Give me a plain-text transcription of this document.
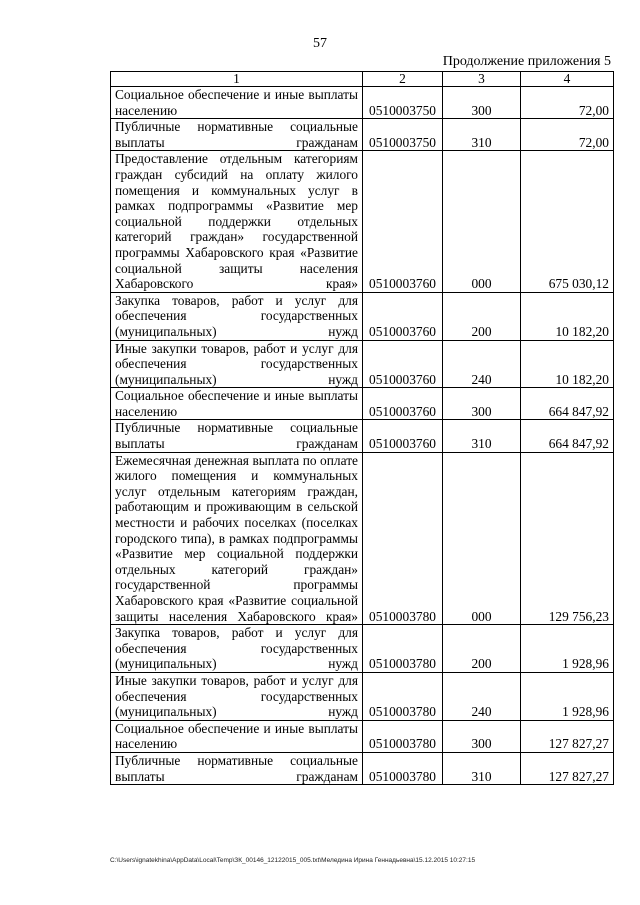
57
Продолжение приложения 5
1	2	3	4
Социальное обеспечение и иные выплаты населению	0510003750	300	72,00
Публичные нормативные социальные выплаты гражданам	0510003750	310	72,00
Предоставление отдельным категориям граждан субсидий на оплату жилого помещения и коммунальных услуг в рамках подпрограммы «Развитие мер социальной поддержки отдельных категорий граждан» государственной программы Хабаровского края «Развитие социальной защиты населения Хабаровского края»	0510003760	000	675 030,12
Закупка товаров, работ и услуг для обеспечения государственных (муниципальных) нужд	0510003760	200	10 182,20
Иные закупки товаров, работ и услуг для обеспечения государственных (муниципальных) нужд	0510003760	240	10 182,20
Социальное обеспечение и иные выплаты населению	0510003760	300	664 847,92
Публичные нормативные социальные выплаты гражданам	0510003760	310	664 847,92
Ежемесячная денежная выплата по оплате жилого помещения и коммунальных услуг отдельным категориям граждан, работающим и проживающим в сельской местности и рабочих поселках (поселках городского типа), в рамках подпрограммы «Развитие мер социальной поддержки отдельных категорий граждан» государственной программы Хабаровского края «Развитие социальной защиты населения Хабаровского края»	0510003780	000	129 756,23
Закупка товаров, работ и услуг для обеспечения государственных (муниципальных) нужд	0510003780	200	1 928,96
Иные закупки товаров, работ и услуг для обеспечения государственных (муниципальных) нужд	0510003780	240	1 928,96
Социальное обеспечение и иные выплаты населению	0510003780	300	127 827,27
Публичные нормативные социальные выплаты гражданам	0510003780	310	127 827,27
C:\Users\ignatekhina\AppData\Local\Temp\ЗК_00146_12122015_005.txt\Меледина Ирина Геннадьевна\15.12.2015 10:27:15
